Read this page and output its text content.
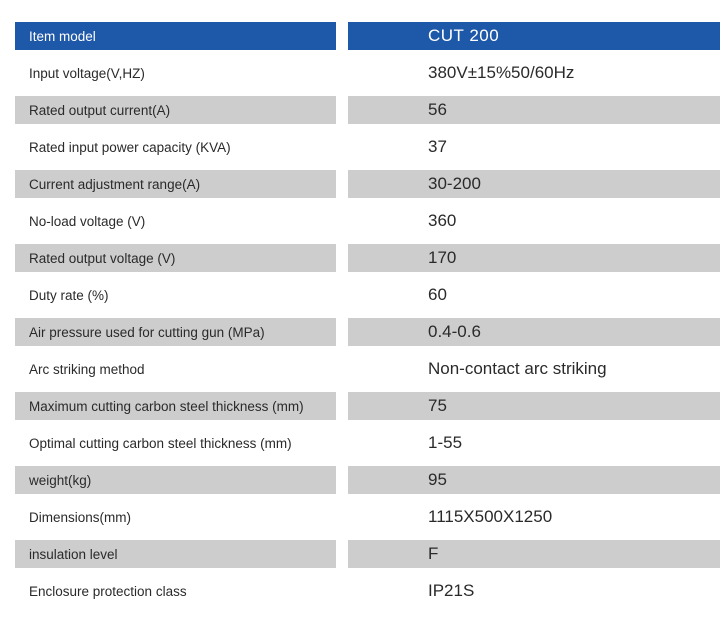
Item model	CUT 200
Input voltage(V,HZ)	380V±15%50/60Hz
Rated output current(A)	56
Rated input power capacity (KVA)	37
Current adjustment range(A)	30-200
No-load voltage (V)	360
Rated output voltage (V)	170
Duty rate (%)	60
Air pressure used for cutting gun (MPa)	0.4-0.6
Arc striking method	Non-contact arc striking
Maximum cutting carbon steel thickness (mm)	75
Optimal cutting carbon steel thickness (mm)	1-55
weight(kg)	95
Dimensions(mm)	1115X500X1250
insulation level	F
Enclosure protection class	IP21S
